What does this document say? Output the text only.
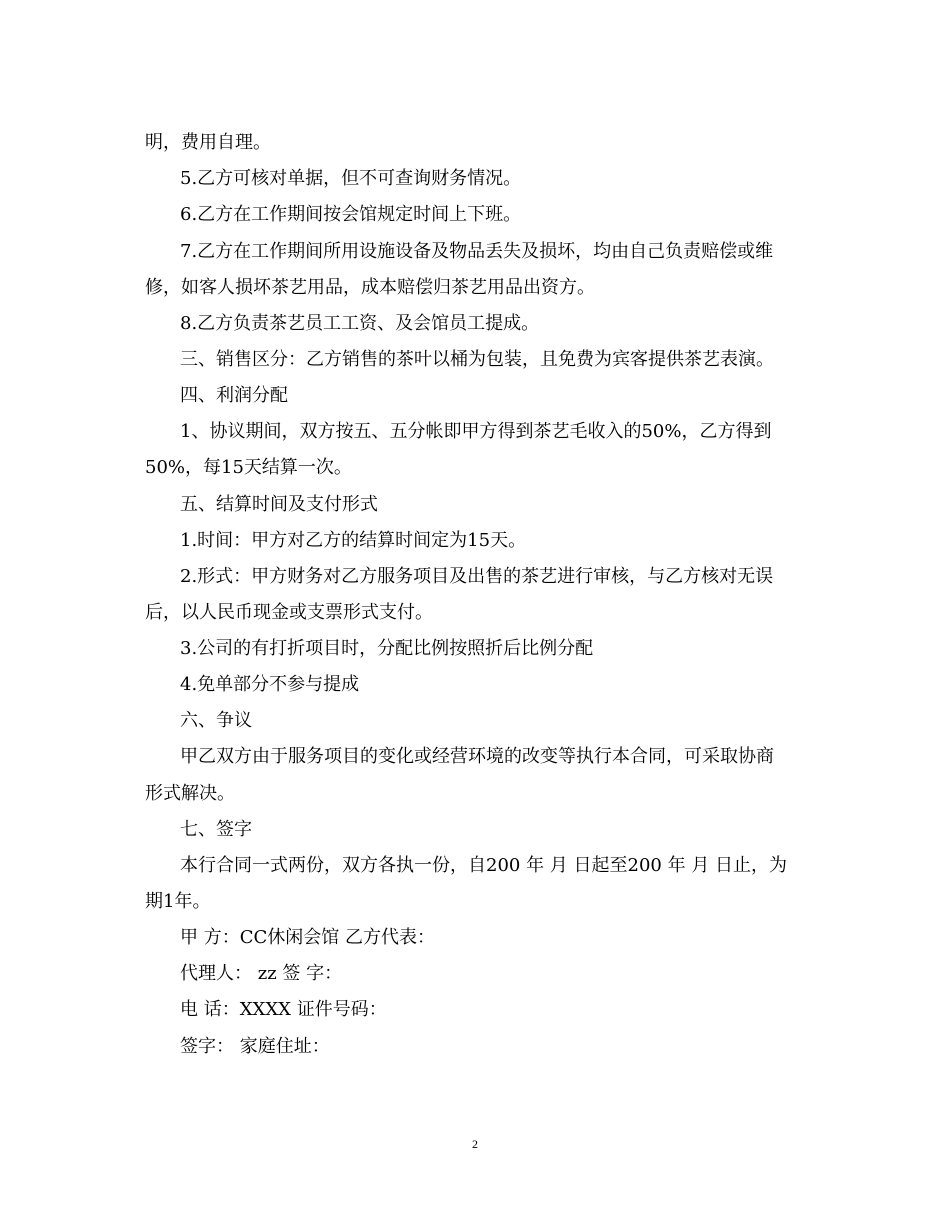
明，费用自理。
5.乙方可核对单据，但不可查询财务情况。
6.乙方在工作期间按会馆规定时间上下班。
7.乙方在工作期间所用设施设备及物品丢失及损坏，均由自己负责赔偿或维
修，如客人损坏茶艺用品，成本赔偿归茶艺用品出资方。
8.乙方负责茶艺员工工资、及会馆员工提成。
三、销售区分：乙方销售的茶叶以桶为包装，且免费为宾客提供茶艺表演。
四、利润分配
1、协议期间，双方按五、五分帐即甲方得到茶艺毛收入的50%，乙方得到
50%，每15天结算一次。
五、结算时间及支付形式
1.时间：甲方对乙方的结算时间定为15天。
2.形式：甲方财务对乙方服务项目及出售的茶艺进行审核，与乙方核对无误
后，以人民币现金或支票形式支付。
3.公司的有打折项目时，分配比例按照折后比例分配
4.免单部分不参与提成
六、争议
甲乙双方由于服务项目的变化或经营环境的改变等执行本合同，可采取协商
形式解决。
七、签字
本行合同一式两份，双方各执一份，自200 年 月 日起至200 年 月 日止，为
期1年。
甲 方：CC休闲会馆 乙方代表：
代理人： zz 签 字：
电 话：XXXX 证件号码：
签字： 家庭住址：
2
